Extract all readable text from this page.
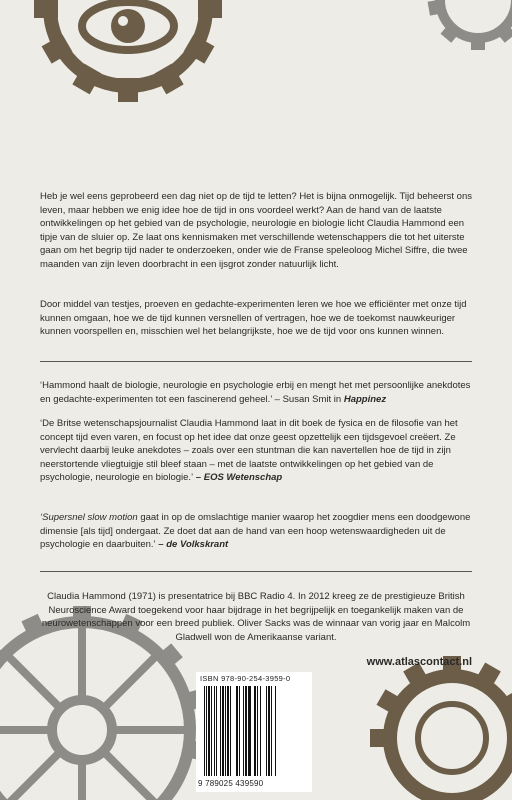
Heb je wel eens geprobeerd een dag niet op de tijd te letten? Het is bijna onmogelijk. Tijd beheerst ons leven, maar hebben we enig idee hoe de tijd in ons voordeel werkt? Aan de hand van de laatste ontwikkelingen op het gebied van de psychologie, neurologie en biologie licht Claudia Hammond een tipje van de sluier op. Ze laat ons kennismaken met verschillende wetenschappers die tot het uiterste gaan om het begrip tijd nader te onderzoeken, onder wie de Franse speleoloog Michel Siffre, die twee maanden van zijn leven doorbracht in een ijsgrot zonder natuurlijk licht.

Door middel van testjes, proeven en gedachte-experimenten leren we hoe we efficiënter met onze tijd kunnen omgaan, hoe we de tijd kunnen versnellen of vertragen, hoe we de toekomst nauwkeuriger kunnen voorspellen en, misschien wel het belangrijkste, hoe we de tijd voor ons kunnen winnen.

‘Hammond haalt de biologie, neurologie en psychologie erbij en mengt het met persoonlijke anekdotes en gedachte-experimenten tot een fascinerend geheel.’ – Susan Smit in Happinez

‘De Britse wetenschapsjournalist Claudia Hammond laat in dit boek de fysica en de filosofie van het concept tijd even varen, en focust op het idee dat onze geest opzettelijk een tijdsgevoel creëert. Ze vervlecht daarbij leuke anekdotes – zoals over een stuntman die kan navertellen hoe de tijd in zijn neerstortende vliegtuigje stil bleef staan – met de laatste ontwikkelingen op het gebied van de psychologie, neurologie en biologie.’ – EOS Wetenschap

‘Supersnel slow motion gaat in op de omslachtige manier waarop het zoogdier mens een doodgewone dimensie [als tijd] ondergaat. Ze doet dat aan de hand van een hoop wetenswaardigheden uit de psychologie en daarbuiten.’ – de Volkskrant

Claudia Hammond (1971) is presentatrice bij BBC Radio 4. In 2012 kreeg ze de prestigieuze British Neuroscience Award toegekend voor haar bijdrage in het begrijpelijk en toegankelijk maken van de neurowetenschappen voor een breed publiek. Oliver Sacks was de winnaar van vorig jaar en Malcolm Gladwell won de Amerikaanse variant.

www.atlascontact.nl
ISBN 978-90-254-3959-0
9 789025 439590
